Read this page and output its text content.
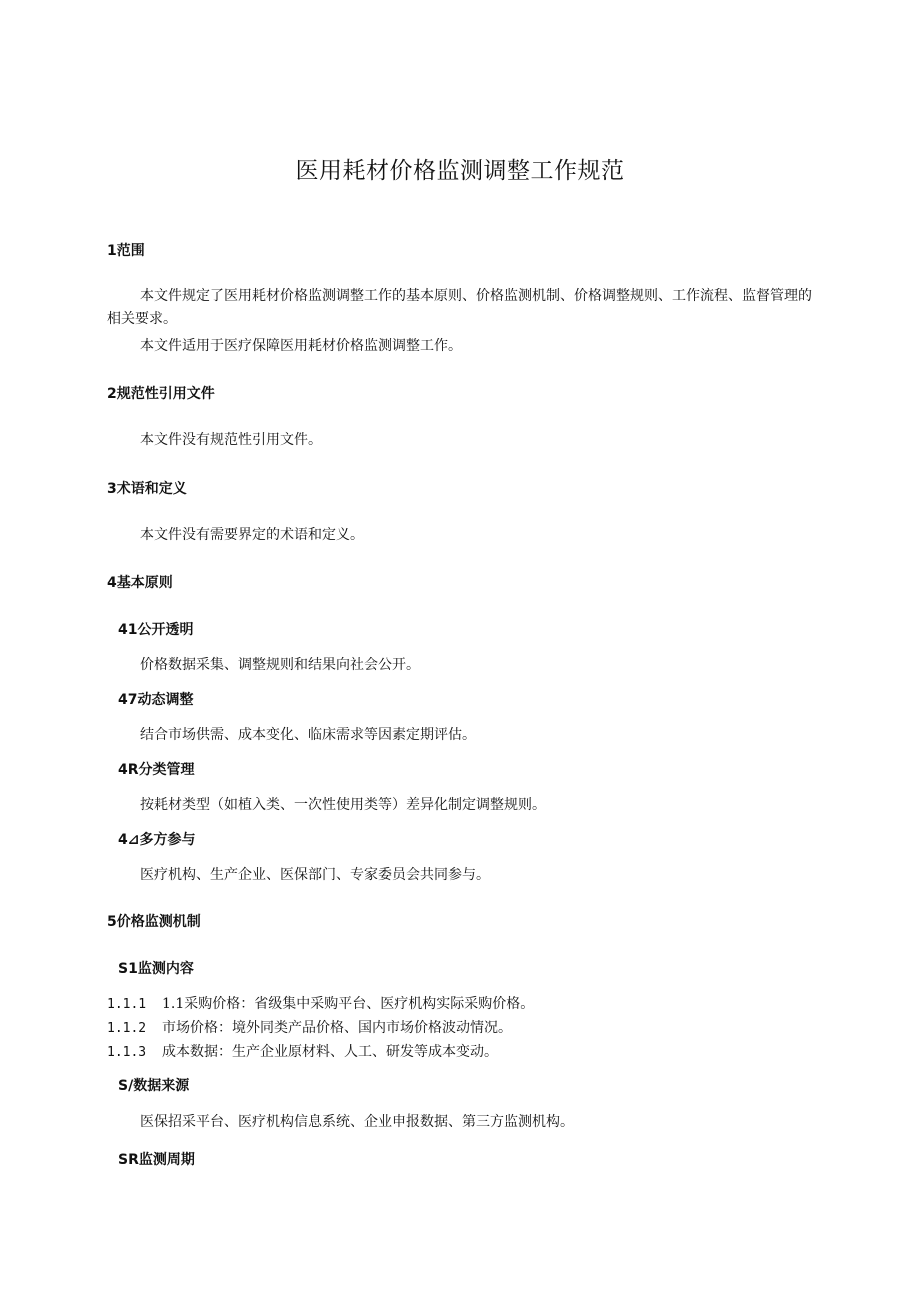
医用耗材价格监测调整工作规范
1范围

本文件规定了医用耗材价格监测调整工作的基本原则、价格监测机制、价格调整规则、工作流程、监督管理的相关要求。

本文件适用于医疗保障医用耗材价格监测调整工作。

2规范性引用文件

本文件没有规范性引用文件。

3术语和定义

本文件没有需要界定的术语和定义。

4基本原则
41公开透明

价格数据采集、调整规则和结果向社会公开。

47动态调整

结合市场供需、成本变化、临床需求等因素定期评估。

4R分类管理

按耗材类型（如植入类、一次性使用类等）差异化制定调整规则。

4⊿多方参与

医疗机构、生产企业、医保部门、专家委员会共同参与。

5价格监测机制
S1监测内容

1.1.1 1.1采购价格：省级集中采购平台、医疗机构实际采购价格。

1.1.2 市场价格：境外同类产品价格、国内市场价格波动情况。

1.1.3 成本数据：生产企业原材料、人工、研发等成本变动。

S/数据来源

医保招采平台、医疗机构信息系统、企业申报数据、第三方监测机构。

SR监测周期
